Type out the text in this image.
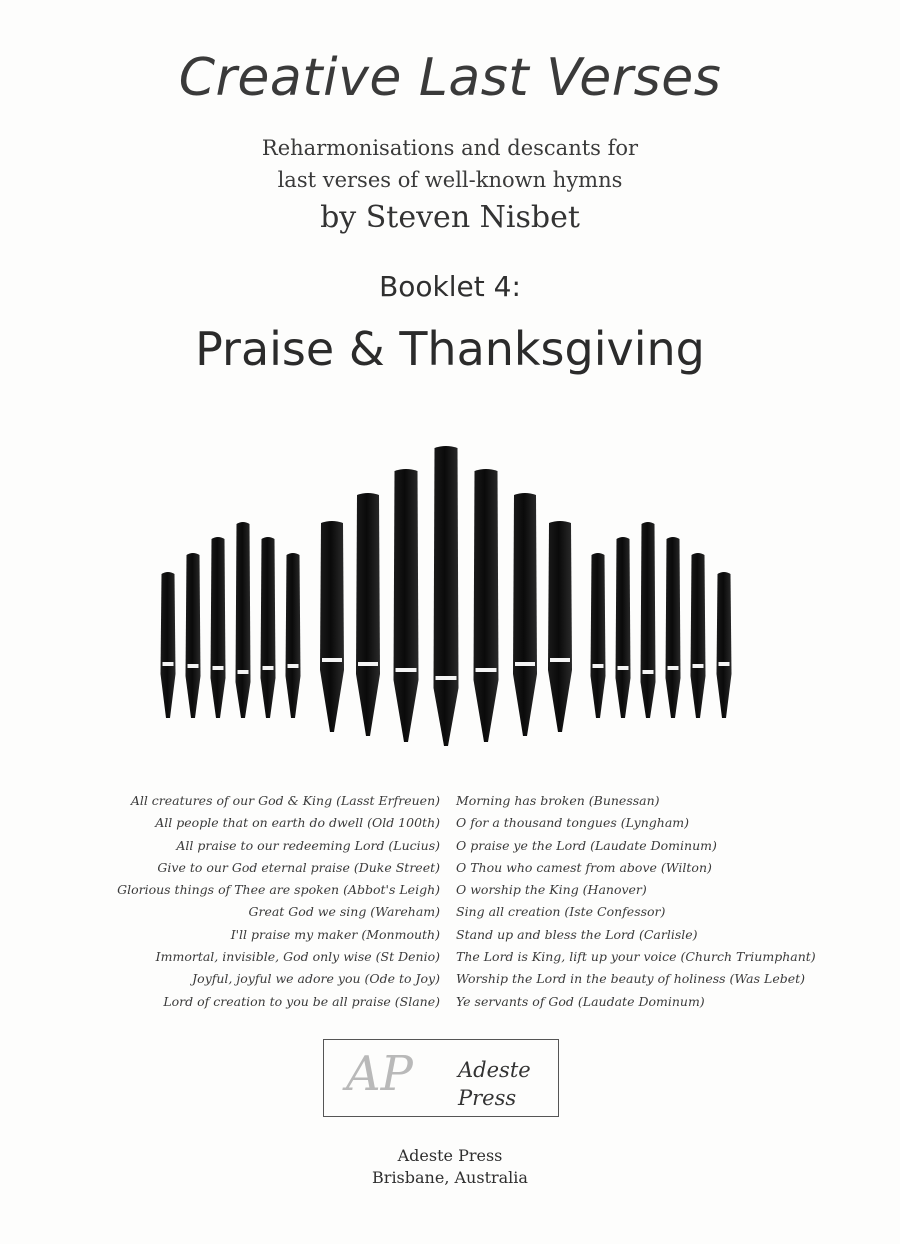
Creative Last Verses
Reharmonisations and descants for
last verses of well-known hymns
by Steven Nisbet
Booklet 4:
Praise & Thanksgiving
All creatures of our God & King (Lasst Erfreuen)
All people that on earth do dwell (Old 100th)
All praise to our redeeming Lord (Lucius)
Give to our God eternal praise (Duke Street)
Glorious things of Thee are spoken (Abbot's Leigh)
Great God we sing (Wareham)
I'll praise my maker (Monmouth)
Immortal, invisible, God only wise (St Denio)
Joyful, joyful we adore you (Ode to Joy)
Lord of creation to you be all praise (Slane)
Morning has broken (Bunessan)
O for a thousand tongues (Lyngham)
O praise ye the Lord (Laudate Dominum)
O Thou who camest from above (Wilton)
O worship the King (Hanover)
Sing all creation (Iste Confessor)
Stand up and bless the Lord (Carlisle)
The Lord is King, lift up your voice (Church Triumphant)
Worship the Lord in the beauty of holiness (Was Lebet)
Ye servants of God (Laudate Dominum)
AP Adeste
Press
Adeste Press
Brisbane, Australia
